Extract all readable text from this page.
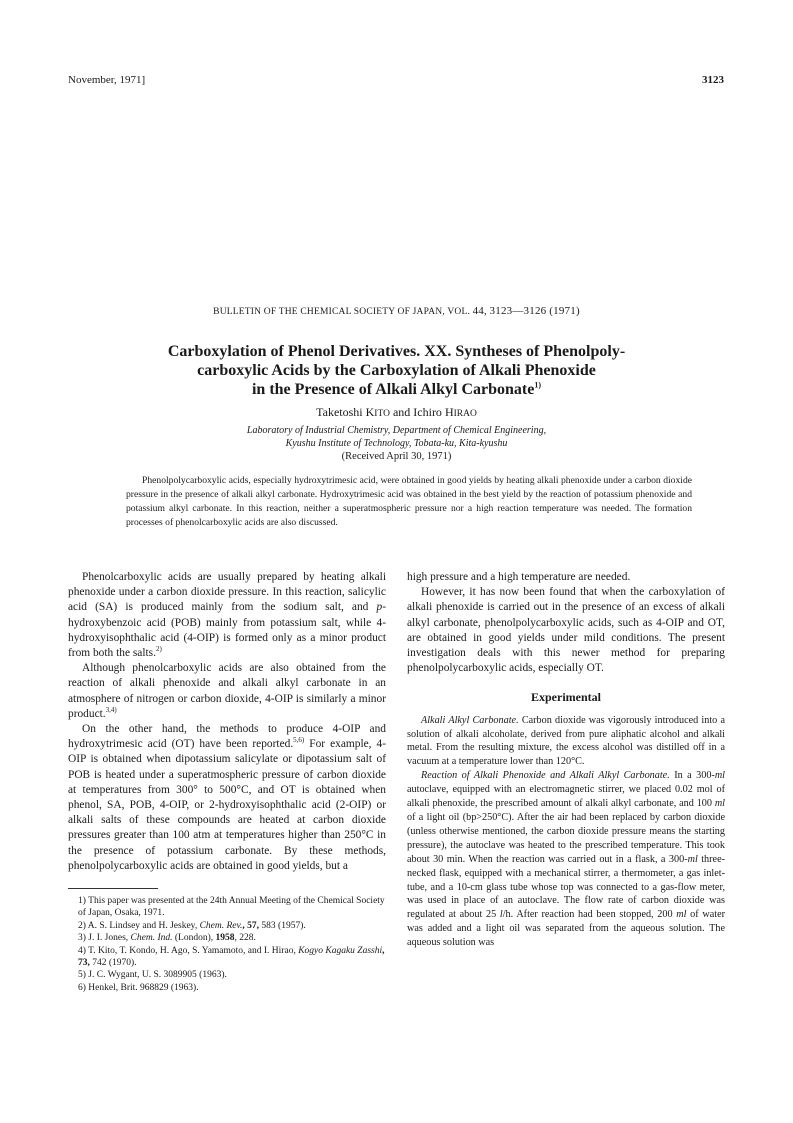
November, 1971]	3123
BULLETIN OF THE CHEMICAL SOCIETY OF JAPAN, VOL. 44, 3123—3126 (1971)
Carboxylation of Phenol Derivatives. XX. Syntheses of Phenolpoly-
carboxylic Acids by the Carboxylation of Alkali Phenoxide
in the Presence of Alkali Alkyl Carbonate$^{1)}$
Taketoshi KITO and Ichiro HIRAO
Laboratory of Industrial Chemistry, Department of Chemical Engineering,
Kyushu Institute of Technology, Tobata-ku, Kita-kyushu
(Received April 30, 1971)
Phenolpolycarboxylic acids, especially hydroxytrimesic acid, were obtained in good yields by heating alkali phenoxide under a carbon dioxide pressure in the presence of alkali alkyl carbonate. Hydroxytrimesic acid was obtained in the best yield by the reaction of potassium phenoxide and potassium alkyl carbonate. In this reaction, neither a superatmospheric pressure nor a high reaction temperature was needed. The formation processes of phenolcarboxylic acids are also discussed.

Phenolcarboxylic acids are usually prepared by heating alkali phenoxide under a carbon dioxide pressure. In this reaction, salicylic acid (SA) is produced mainly from the sodium salt, and p-hydroxybenzoic acid (POB) mainly from potassium salt, while 4-hydroxyisophthalic acid (4-OIP) is formed only as a minor product from both the salts.$^{2)}$

Although phenolcarboxylic acids are also obtained from the reaction of alkali phenoxide and alkali alkyl carbonate in an atmosphere of nitrogen or carbon dioxide, 4-OIP is similarly a minor product.$^{3,4)}$

On the other hand, the methods to produce 4-OIP and hydroxytrimesic acid (OT) have been reported.$^{5,6)}$ For example, 4-OIP is obtained when dipotassium salicylate or dipotassium salt of POB is heated under a superatmospheric pressure of carbon dioxide at temperatures from 300° to 500°C, and OT is obtained when phenol, SA, POB, 4-OIP, or 2-hydroxyisophthalic acid (2-OIP) or alkali salts of these compounds are heated at carbon dioxide pressures greater than 100 atm at temperatures higher than 250°C in the presence of potassium carbonate. By these methods, phenolpolycarboxylic acids are obtained in good yields, but a

1) This paper was presented at the 24th Annual Meeting of the Chemical Society of Japan, Osaka, 1971.

2) A. S. Lindsey and H. Jeskey, Chem. Rev., 57, 583 (1957).

3) J. I. Jones, Chem. Ind. (London), 1958, 228.

4) T. Kito, T. Kondo, H. Ago, S. Yamamoto, and I. Hirao, Kogyo Kagaku Zasshi, 73, 742 (1970).

5) J. C. Wygant, U. S. 3089905 (1963).

6) Henkel, Brit. 968829 (1963).

high pressure and a high temperature are needed.

However, it has now been found that when the carboxylation of alkali phenoxide is carried out in the presence of an excess of alkali alkyl carbonate, phenolpolycarboxylic acids, such as 4-OIP and OT, are obtained in good yields under mild conditions. The present investigation deals with this newer method for preparing phenolpolycarboxylic acids, especially OT.

Experimental

Alkali Alkyl Carbonate. Carbon dioxide was vigorously introduced into a solution of alkali alcoholate, derived from pure aliphatic alcohol and alkali metal. From the resulting mixture, the excess alcohol was distilled off in a vacuum at a temperature lower than 120°C.

Reaction of Alkali Phenoxide and Alkali Alkyl Carbonate. In a 300-ml autoclave, equipped with an electromagnetic stirrer, we placed 0.02 mol of alkali phenoxide, the prescribed amount of alkali alkyl carbonate, and 100 ml of a light oil (bp>250°C). After the air had been replaced by carbon dioxide (unless otherwise mentioned, the carbon dioxide pressure means the starting pressure), the autoclave was heated to the prescribed temperature. This took about 30 min. When the reaction was carried out in a flask, a 300-ml three-necked flask, equipped with a mechanical stirrer, a thermometer, a gas inlet-tube, and a 10-cm glass tube whose top was connected to a gas-flow meter, was used in place of an autoclave. The flow rate of carbon dioxide was regulated at about 25 l/h. After reaction had been stopped, 200 ml of water was added and a light oil was separated from the aqueous solution. The aqueous solution was
